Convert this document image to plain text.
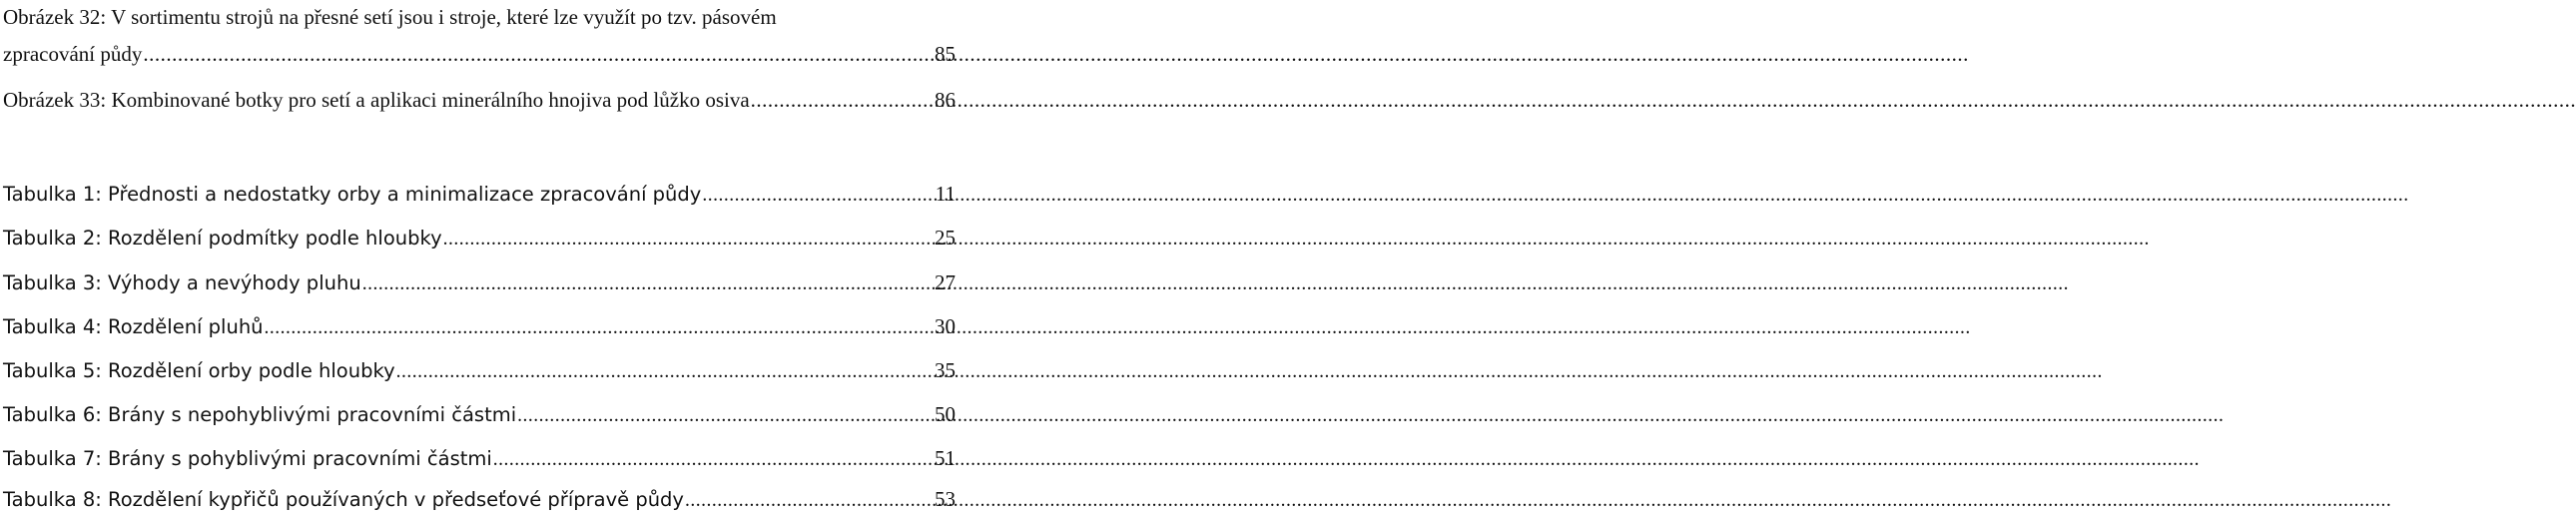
Obrázek 32: V sortimentu strojů na přesné setí jsou i stroje, které lze využít po tzv. pásovém
zpracování půdy .....	85
Obrázek 33: Kombinované botky pro setí a aplikaci minerálního hnojiva pod lůžko osiva .....	86
Tabulka 1: Přednosti a nedostatky orby a minimalizace zpracování půdy .....	11
Tabulka 2: Rozdělení podmítky podle hloubky .....	25
Tabulka 3: Výhody a nevýhody pluhu .....	27
Tabulka 4: Rozdělení pluhů .....	30
Tabulka 5: Rozdělení orby podle hloubky .....	35
Tabulka 6: Brány s nepohyblivými pracovními částmi .....	50
Tabulka 7: Brány s pohyblivými pracovními částmi .....	51
Tabulka 8: Rozdělení kypřičů používaných v předseťové přípravě půdy .....	53
